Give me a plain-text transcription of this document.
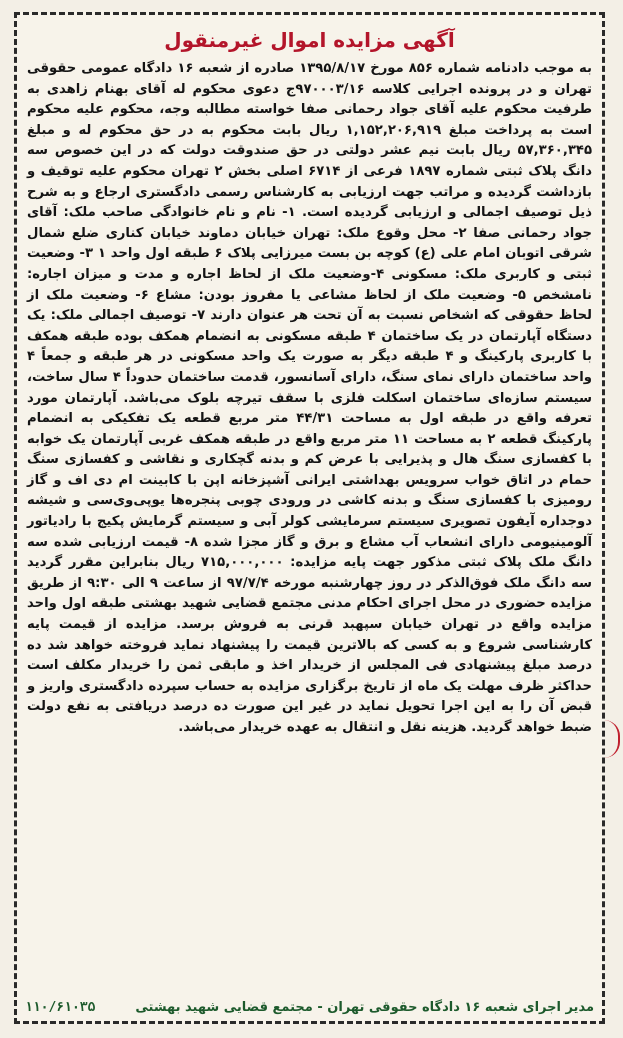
آگهی مزایده اموال غیرمنقول

به موجب دادنامه شماره ۸۵۶ مورخ ۱۳۹۵/۸/۱۷ صادره از شعبه ۱۶ دادگاه عمومی حقوقی تهران و در پرونده اجرایی کلاسه ۹۷۰۰۰۳/۱۶ج دعوی محکوم له آقای بهنام زاهدی به طرفیت محکوم علیه آقای جواد رحمانی صفا خواسته مطالبه وجه، محکوم علیه محکوم است به پرداخت مبلغ ۱,۱۵۲,۲۰۶,۹۱۹ ریال بابت محکوم به در حق محکوم له و مبلغ ۵۷,۳۶۰,۳۴۵ ریال بابت نیم عشر دولتی در حق صندوقت دولت که در این خصوص سه دانگ پلاک ثبتی شماره ۱۸۹۷ فرعی از ۶۷۱۴ اصلی بخش ۲ تهران محکوم علیه توقیف و بازداشت گردیده و مراتب جهت ارزیابی به کارشناس رسمی دادگستری ارجاع و به شرح ذیل توصیف اجمالی و ارزیابی گردیده است. ۱- نام و نام خانوادگی صاحب ملک: آقای جواد رحمانی صفا ۲- محل وقوع ملک: تهران خیابان دماوند خیابان کناری ضلع شمال شرقی اتوبان امام علی (ع) کوچه بن بست میرزایی پلاک ۶ طبقه اول واحد ۱ ۳- وضعیت ثبتی و کاربری ملک: مسکونی ۴-وضعیت ملک از لحاظ اجاره و مدت و میزان اجاره: نامشخص ۵- وضعیت ملک از لحاظ مشاعی یا مفروز بودن: مشاع ۶- وضعیت ملک از لحاظ حقوقی که اشخاص نسبت به آن تحت هر عنوان دارند ۷- توصیف اجمالی ملک: یک دستگاه آپارتمان در یک ساختمان ۴ طبقه مسکونی به انضمام همکف بوده طبقه همکف با کاربری پارکینگ و ۴ طبقه دیگر به صورت یک واحد مسکونی در هر طبقه و جمعاً ۴ واحد ساختمان دارای نمای سنگ، دارای آسانسور، قدمت ساختمان حدوداً ۴ سال ساخت، سیستم سازه‌ای ساختمان اسکلت فلزی با سقف تیرچه بلوک می‌باشد. آپارتمان مورد تعرفه واقع در طبقه اول به مساحت ۴۴/۳۱ متر مربع قطعه یک تفکیکی به انضمام پارکینگ قطعه ۲ به مساحت ۱۱ متر مربع واقع در طبقه همکف غربی آپارتمان یک خوابه با کفسازی سنگ هال و پذیرایی با عرض کم و بدنه گچکاری و نقاشی و کفسازی سنگ حمام در اتاق خواب سرویس بهداشتی ایرانی آشپزخانه اپن با کابینت ام دی اف و گاز رومیزی با کفسازی سنگ و بدنه کاشی در ورودی چوبی پنجره‌ها یوپی‌وی‌سی و شیشه دوجداره آیفون تصویری سیستم سرمایشی کولر آبی و سیستم گرمایش پکیج با رادیاتور آلومینیومی دارای انشعاب آب مشاع و برق و گاز مجزا شده ۸- قیمت ارزیابی شده سه دانگ ملک پلاک ثبتی مذکور جهت پایه مزایده: ۷۱۵,۰۰۰,۰۰۰ ریال بنابراین مقرر گردید سه دانگ ملک فوق‌الذکر در روز چهارشنبه مورخه ۹۷/۷/۴ از ساعت ۹ الی ۹:۳۰ از طریق مزایده حضوری در محل اجرای احکام مدنی مجتمع قضایی شهید بهشتی طبقه اول واحد مزایده واقع در تهران خیابان سپهبد قرنی به فروش برسد. مزایده از قیمت پایه کارشناسی شروع و به کسی که بالاترین قیمت را پیشنهاد نماید فروخته خواهد شد ده درصد مبلغ پیشنهادی فی المجلس از خریدار اخذ و مابقی ثمن را خریدار مکلف است حداکثر ظرف مهلت یک ماه از تاریخ برگزاری مزایده به حساب سپرده دادگستری واریز و قبض آن را به این اجرا تحویل نماید در غیر این صورت ده درصد دریافتی به نفع دولت ضبط خواهد گردید. هزینه نقل و انتقال به عهده خریدار می‌باشد.

مدیر اجرای شعبه ۱۶ دادگاه حقوقی تهران - مجتمع قضایی شهید بهشتی
۱۱۰/۶۱۰۳۵
